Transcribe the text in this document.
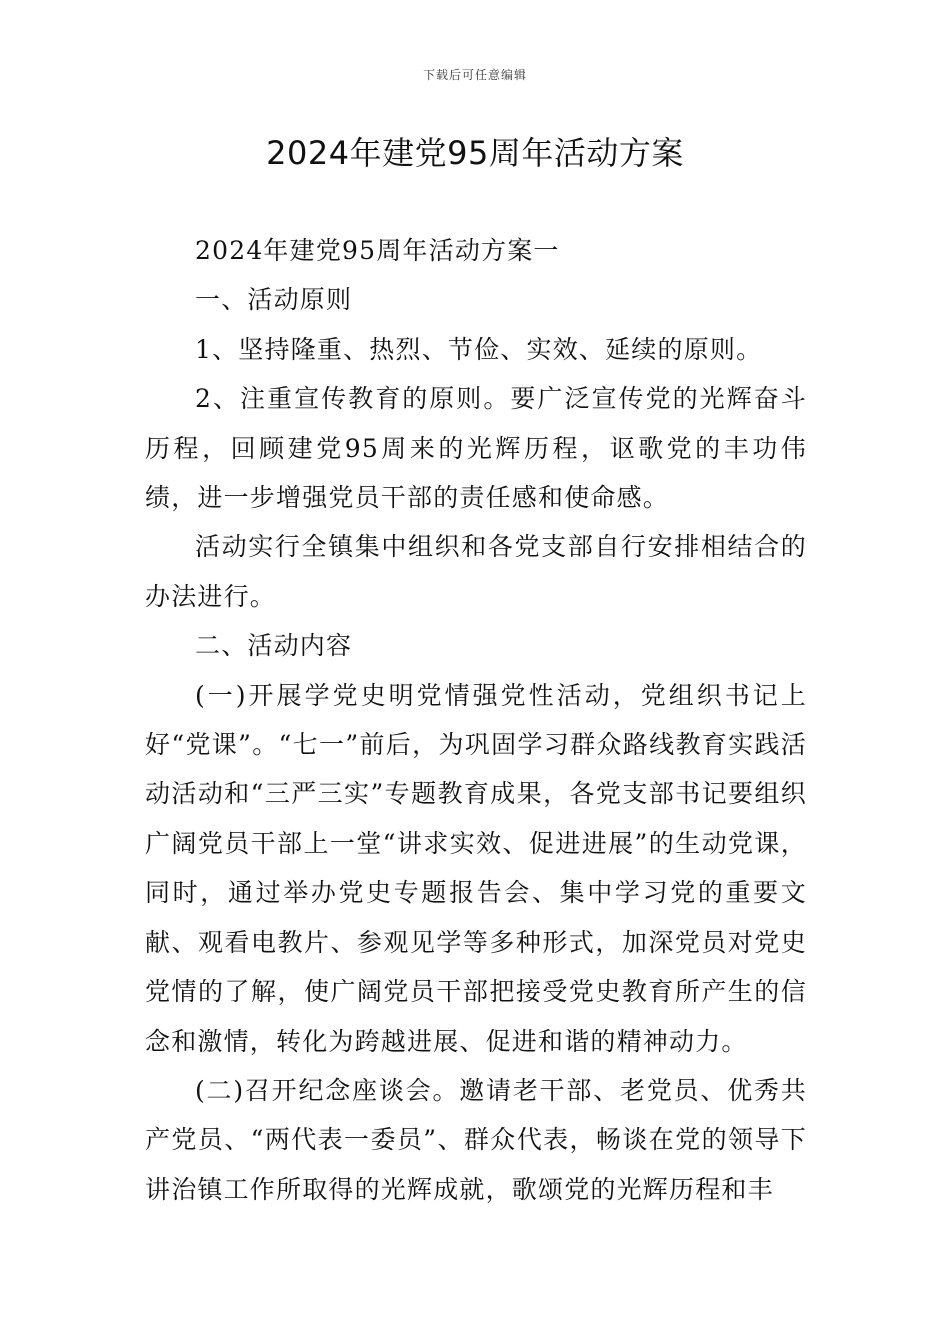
下载后可任意编辑
2024年建党95周年活动方案

2024年建党95周年活动方案一

一、活动原则

1、坚持隆重、热烈、节俭、实效、延续的原则。

2、注重宣传教育的原则。要广泛宣传党的光辉奋斗历程，回顾建党95周来的光辉历程，讴歌党的丰功伟绩，进一步增强党员干部的责任感和使命感。

活动实行全镇集中组织和各党支部自行安排相结合的办法进行。

二、活动内容

(一)开展学党史明党情强党性活动，党组织书记上好“党课”。“七一”前后，为巩固学习群众路线教育实践活动活动和“三严三实”专题教育成果，各党支部书记要组织广阔党员干部上一堂“讲求实效、促进进展”的生动党课，同时，通过举办党史专题报告会、集中学习党的重要文献、观看电教片、参观见学等多种形式，加深党员对党史党情的了解，使广阔党员干部把接受党史教育所产生的信念和激情，转化为跨越进展、促进和谐的精神动力。

(二)召开纪念座谈会。邀请老干部、老党员、优秀共产党员、“两代表一委员”、群众代表，畅谈在党的领导下讲治镇工作所取得的光辉成就，歌颂党的光辉历程和丰
